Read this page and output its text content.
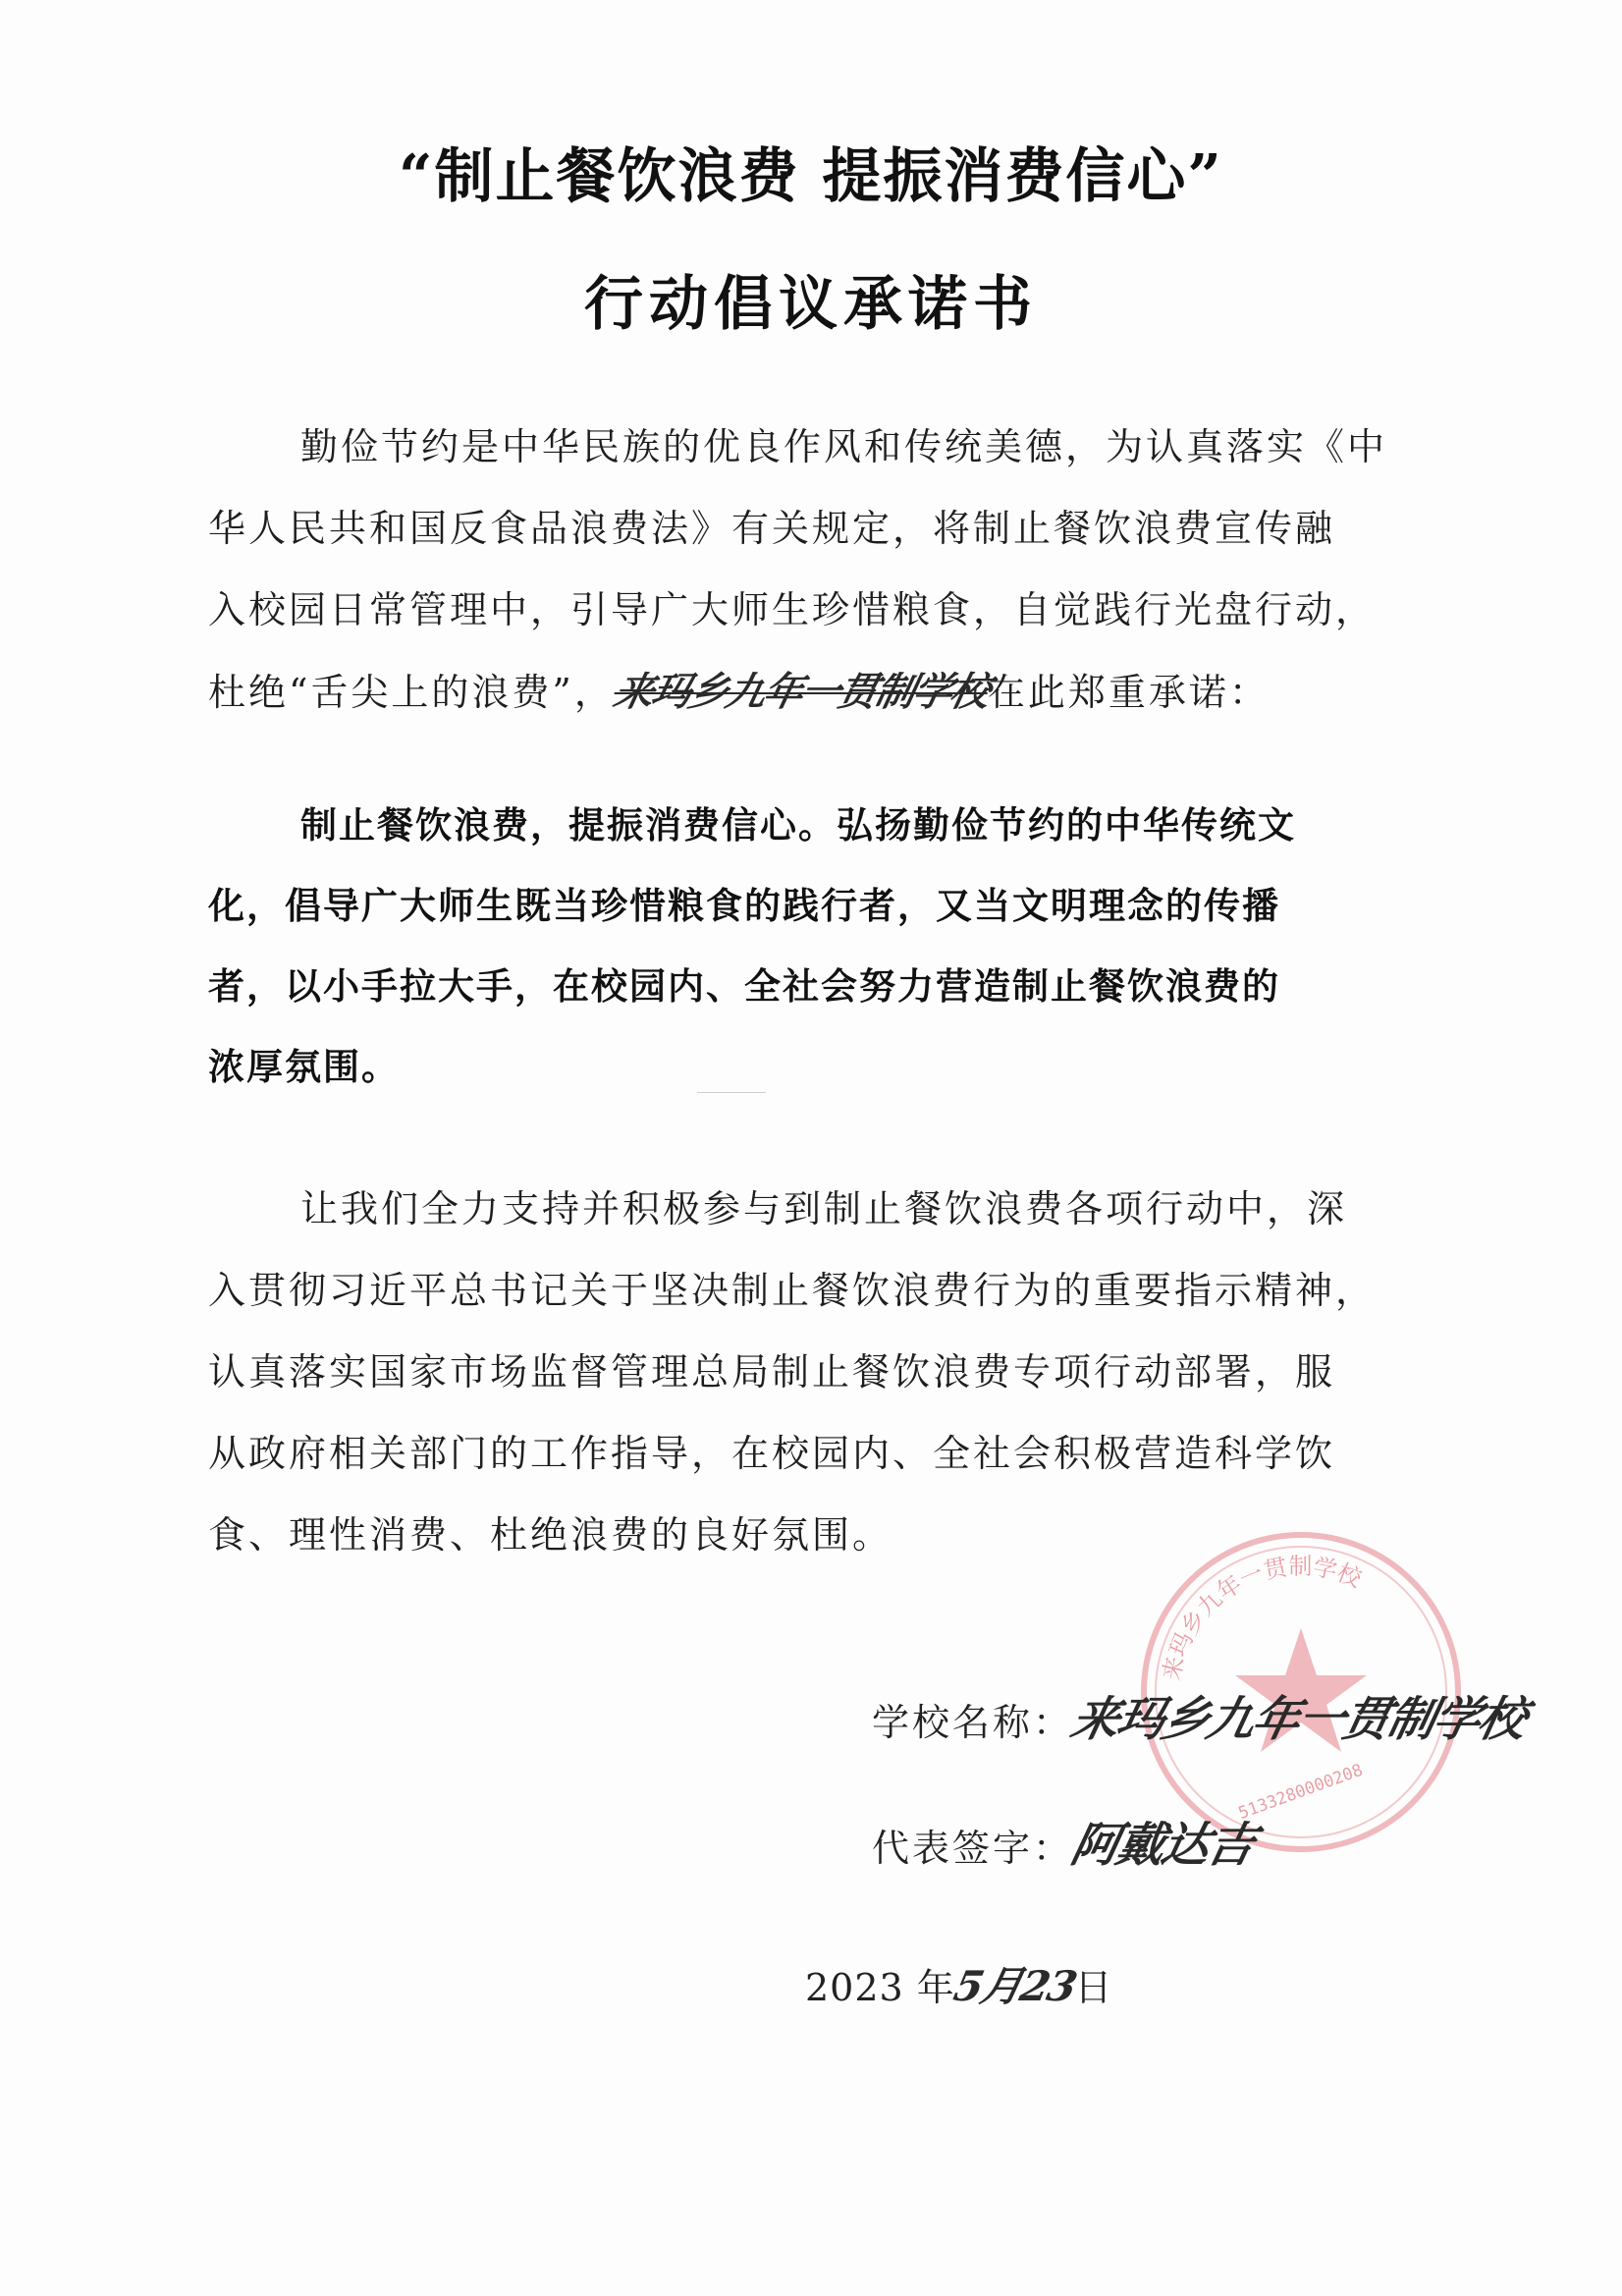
“制止餐饮浪费 提振消费信心”
行动倡议承诺书
勤俭节约是中华民族的优良作风和传统美德，为认真落实《中
华人民共和国反食品浪费法》有关规定，将制止餐饮浪费宣传融
入校园日常管理中，引导广大师生珍惜粮食，自觉践行光盘行动，
杜绝“舌尖上的浪费”，来玛乡九年一贯制学校在此郑重承诺：
制止餐饮浪费，提振消费信心。弘扬勤俭节约的中华传统文
化，倡导广大师生既当珍惜粮食的践行者，又当文明理念的传播
者，以小手拉大手，在校园内、全社会努力营造制止餐饮浪费的
浓厚氛围。
让我们全力支持并积极参与到制止餐饮浪费各项行动中，深
入贯彻习近平总书记关于坚决制止餐饮浪费行为的重要指示精神，
认真落实国家市场监督管理总局制止餐饮浪费专项行动部署，服
从政府相关部门的工作指导，在校园内、全社会积极营造科学饮
食、理性消费、杜绝浪费的良好氛围。
来玛乡九年一贯制学校
5133280000208
学校名称：来玛乡九年一贯制学校
代表签字：阿戴达吉
2023 年5月23日
